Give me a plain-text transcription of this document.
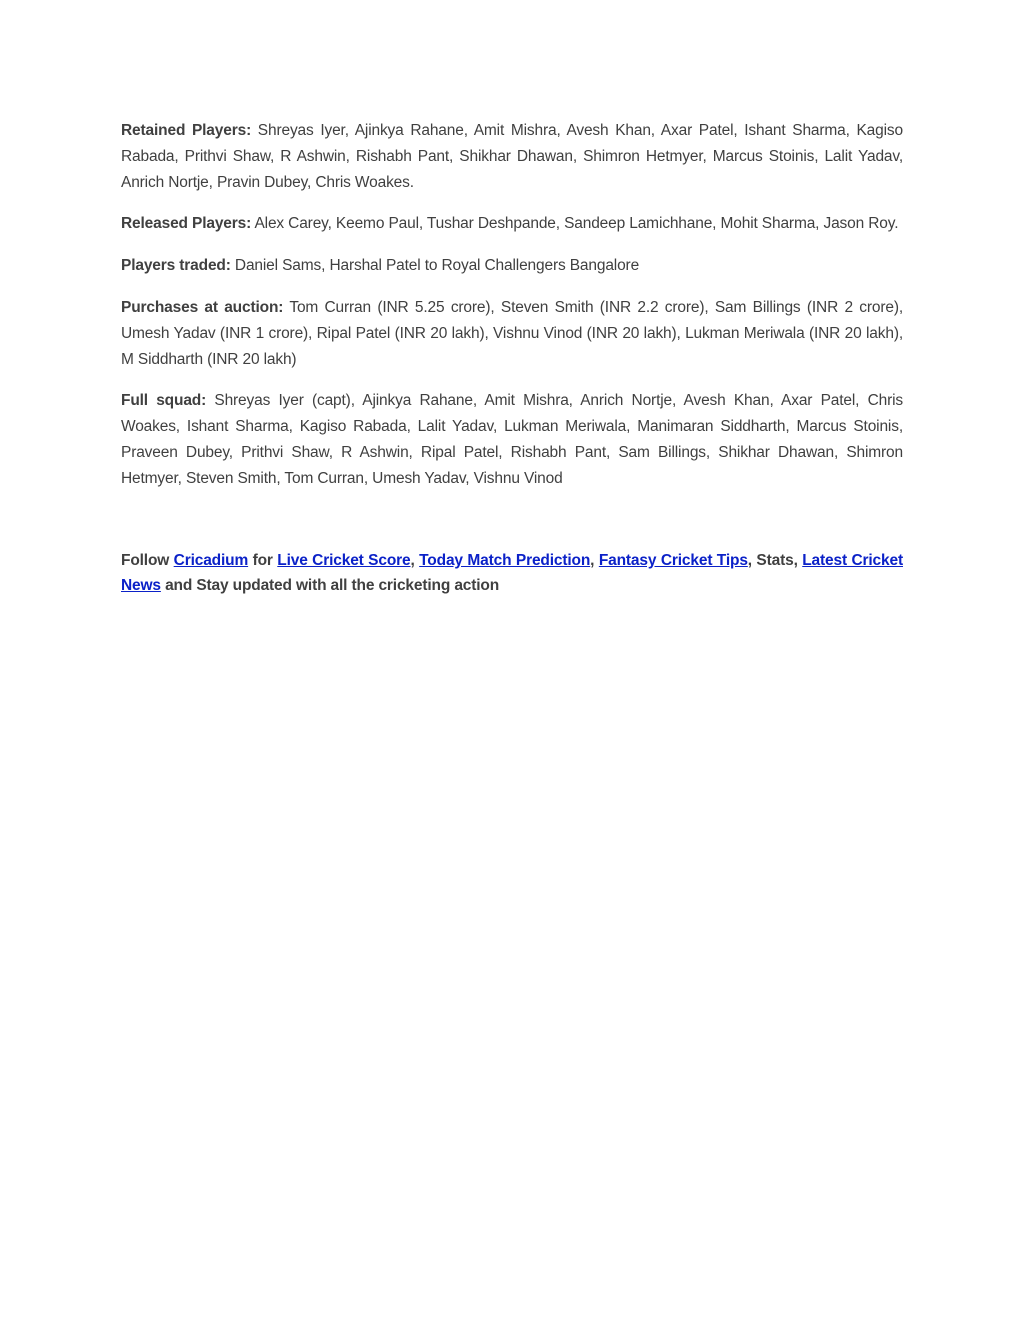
Retained Players: Shreyas Iyer, Ajinkya Rahane, Amit Mishra, Avesh Khan, Axar Patel, Ishant Sharma, Kagiso Rabada, Prithvi Shaw, R Ashwin, Rishabh Pant, Shikhar Dhawan, Shimron Hetmyer, Marcus Stoinis, Lalit Yadav, Anrich Nortje, Pravin Dubey, Chris Woakes.

Released Players: Alex Carey, Keemo Paul, Tushar Deshpande, Sandeep Lamichhane, Mohit Sharma, Jason Roy.

Players traded: Daniel Sams, Harshal Patel to Royal Challengers Bangalore

Purchases at auction: Tom Curran (INR 5.25 crore), Steven Smith (INR 2.2 crore), Sam Billings (INR 2 crore), Umesh Yadav (INR 1 crore), Ripal Patel (INR 20 lakh), Vishnu Vinod (INR 20 lakh), Lukman Meriwala (INR 20 lakh), M Siddharth (INR 20 lakh)

Full squad: Shreyas Iyer (capt), Ajinkya Rahane, Amit Mishra, Anrich Nortje, Avesh Khan, Axar Patel, Chris Woakes, Ishant Sharma, Kagiso Rabada, Lalit Yadav, Lukman Meriwala, Manimaran Siddharth, Marcus Stoinis, Praveen Dubey, Prithvi Shaw, R Ashwin, Ripal Patel, Rishabh Pant, Sam Billings, Shikhar Dhawan, Shimron Hetmyer, Steven Smith, Tom Curran, Umesh Yadav, Vishnu Vinod

Follow Cricadium for Live Cricket Score, Today Match Prediction, Fantasy Cricket Tips, Stats, Latest Cricket News and Stay updated with all the cricketing action
